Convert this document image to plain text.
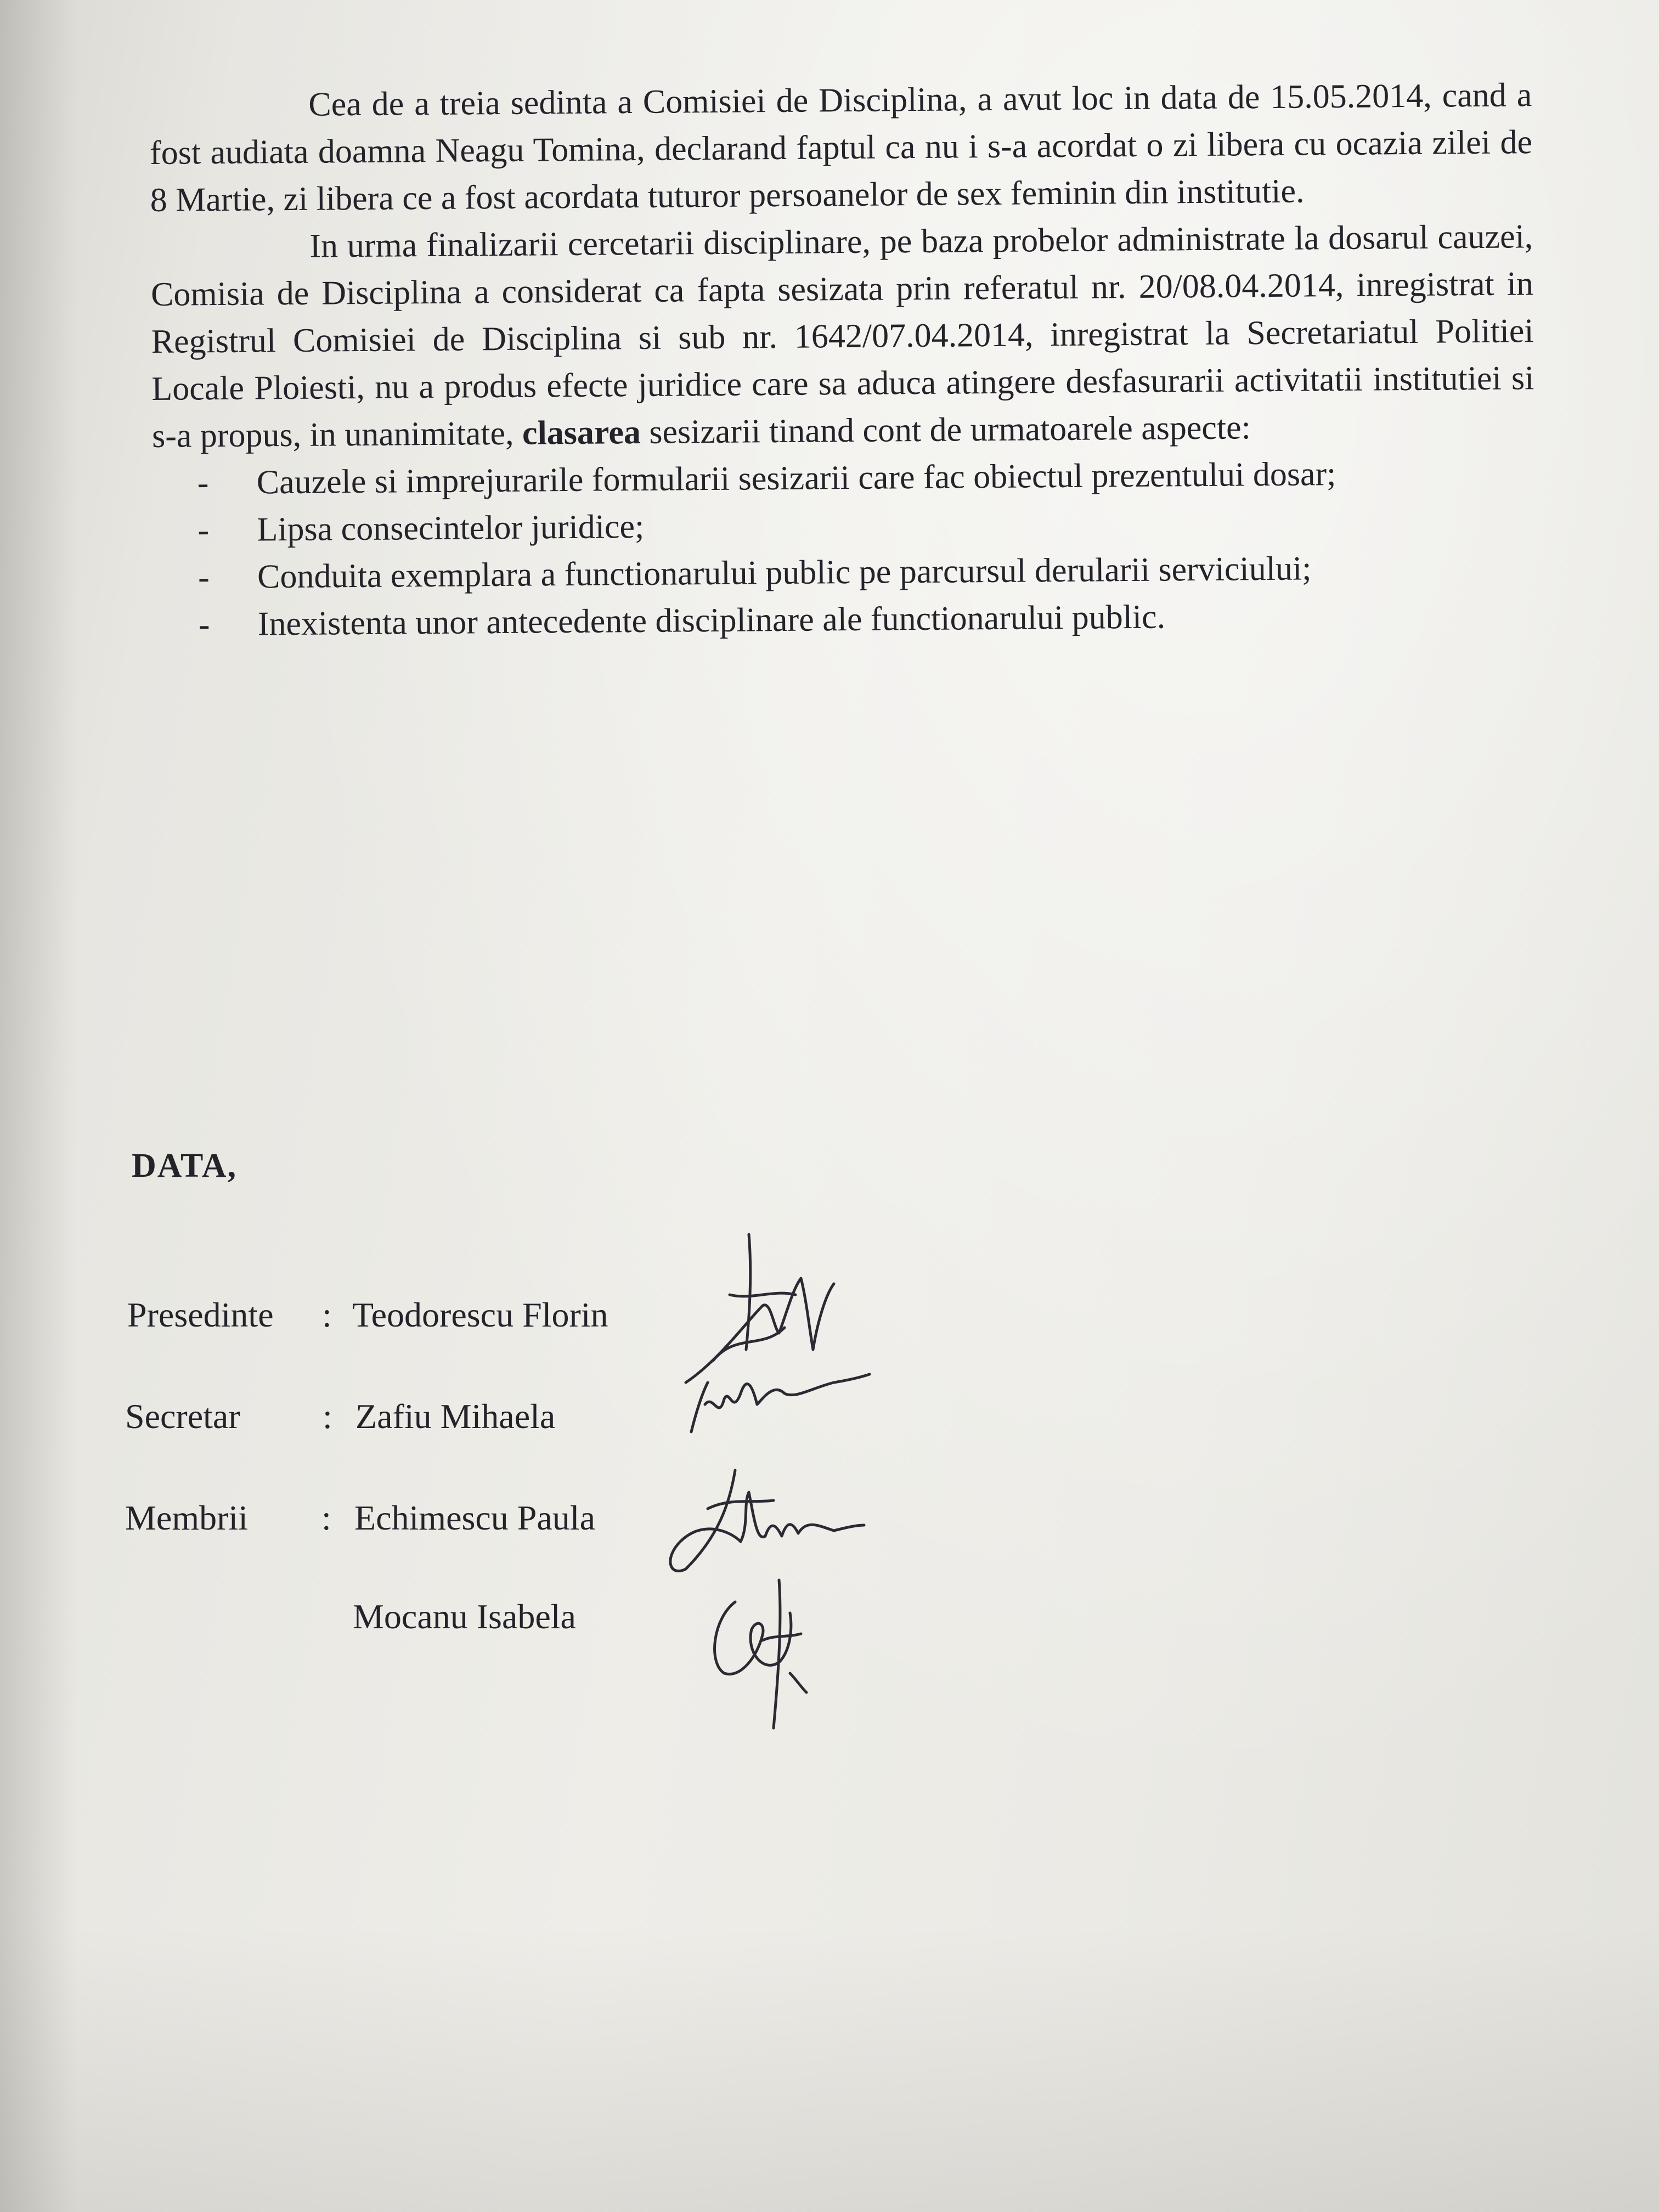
Cea de a treia sedinta a Comisiei de Disciplina, a avut loc in data de 15.05.2014, cand a fost audiata doamna Neagu Tomina, declarand faptul ca nu i s-a acordat o zi libera cu ocazia zilei de 8 Martie, zi libera ce a fost acordata tuturor persoanelor de sex feminin din institutie.

In urma finalizarii cercetarii disciplinare, pe baza probelor administrate la dosarul cauzei, Comisia de Disciplina a considerat ca fapta sesizata prin referatul nr. 20/08.04.2014, inregistrat in Registrul Comisiei de Disciplina si sub nr. 1642/07.04.2014, inregistrat la Secretariatul Politiei Locale Ploiesti, nu a produs efecte juridice care sa aduca atingere desfasurarii activitatii institutiei si s-a propus, in unanimitate, clasarea sesizarii tinand cont de urmatoarele aspecte:

- Cauzele si imprejurarile formularii sesizarii care fac obiectul prezentului dosar;
- Lipsa consecintelor juridice;
- Conduita exemplara a functionarului public pe parcursul derularii serviciului;
- Inexistenta unor antecedente disciplinare ale functionarului public.
DATA,
Presedinte : Teodorescu Florin
Secretar : Zafiu Mihaela
Membrii : Echimescu Paula
Mocanu Isabela
